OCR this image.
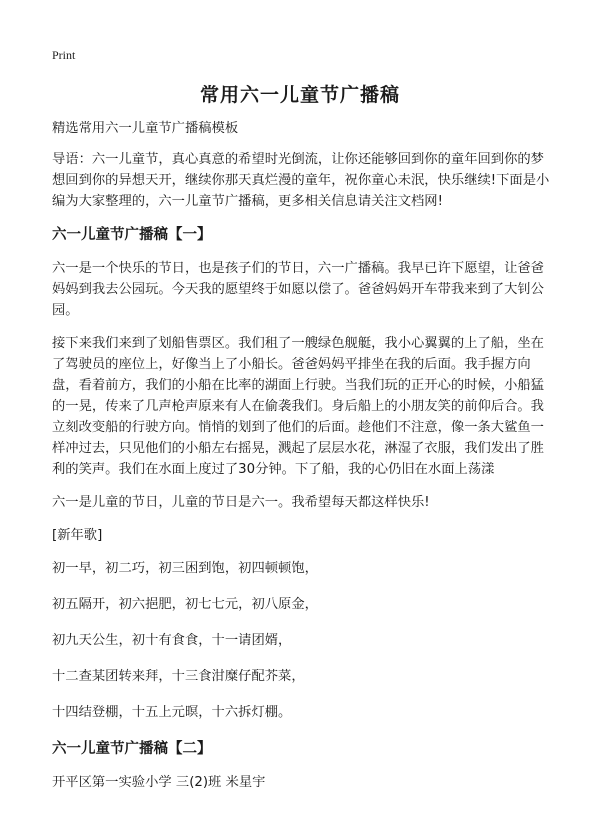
Print
常用六一儿童节广播稿

精选常用六一儿童节广播稿模板

导语：六一儿童节，真心真意的希望时光倒流，让你还能够回到你的童年回到你的梦想回到你的异想天开，继续你那天真烂漫的童年，祝你童心未泯，快乐继续!下面是小编为大家整理的，六一儿童节广播稿，更多相关信息请关注文档网!

六一儿童节广播稿【一】

六一是一个快乐的节日，也是孩子们的节日，六一广播稿。我早已许下愿望，让爸爸妈妈到我去公园玩。今天我的愿望终于如愿以偿了。爸爸妈妈开车带我来到了大钊公园。

接下来我们来到了划船售票区。我们租了一艘绿色舰艇，我小心翼翼的上了船，坐在了驾驶员的座位上，好像当上了小船长。爸爸妈妈平排坐在我的后面。我手握方向盘，看着前方，我们的小船在比率的湖面上行驶。当我们玩的正开心的时候，小船猛的一晃，传来了几声枪声原来有人在偷袭我们。身后船上的小朋友笑的前仰后合。我立刻改变船的行驶方向。悄悄的划到了他们的后面。趁他们不注意，像一条大鲨鱼一样冲过去，只见他们的小船左右摇晃，溅起了层层水花，淋湿了衣服，我们发出了胜利的笑声。我们在水面上度过了30分钟。下了船，我的心仍旧在水面上荡漾

六一是儿童的节日，儿童的节日是六一。我希望每天都这样快乐!

[新年歌]

初一早，初二巧，初三困到饱，初四顿顿饱，

初五隔开，初六挹肥，初七七元，初八原金，

初九天公生，初十有食食，十一请团婿，

十二查某团转来拜，十三食泔糜仔配芥菜，

十四结登棚，十五上元暝，十六拆灯棚。

六一儿童节广播稿【二】

开平区第一实验小学 三(2)班 米星宇
